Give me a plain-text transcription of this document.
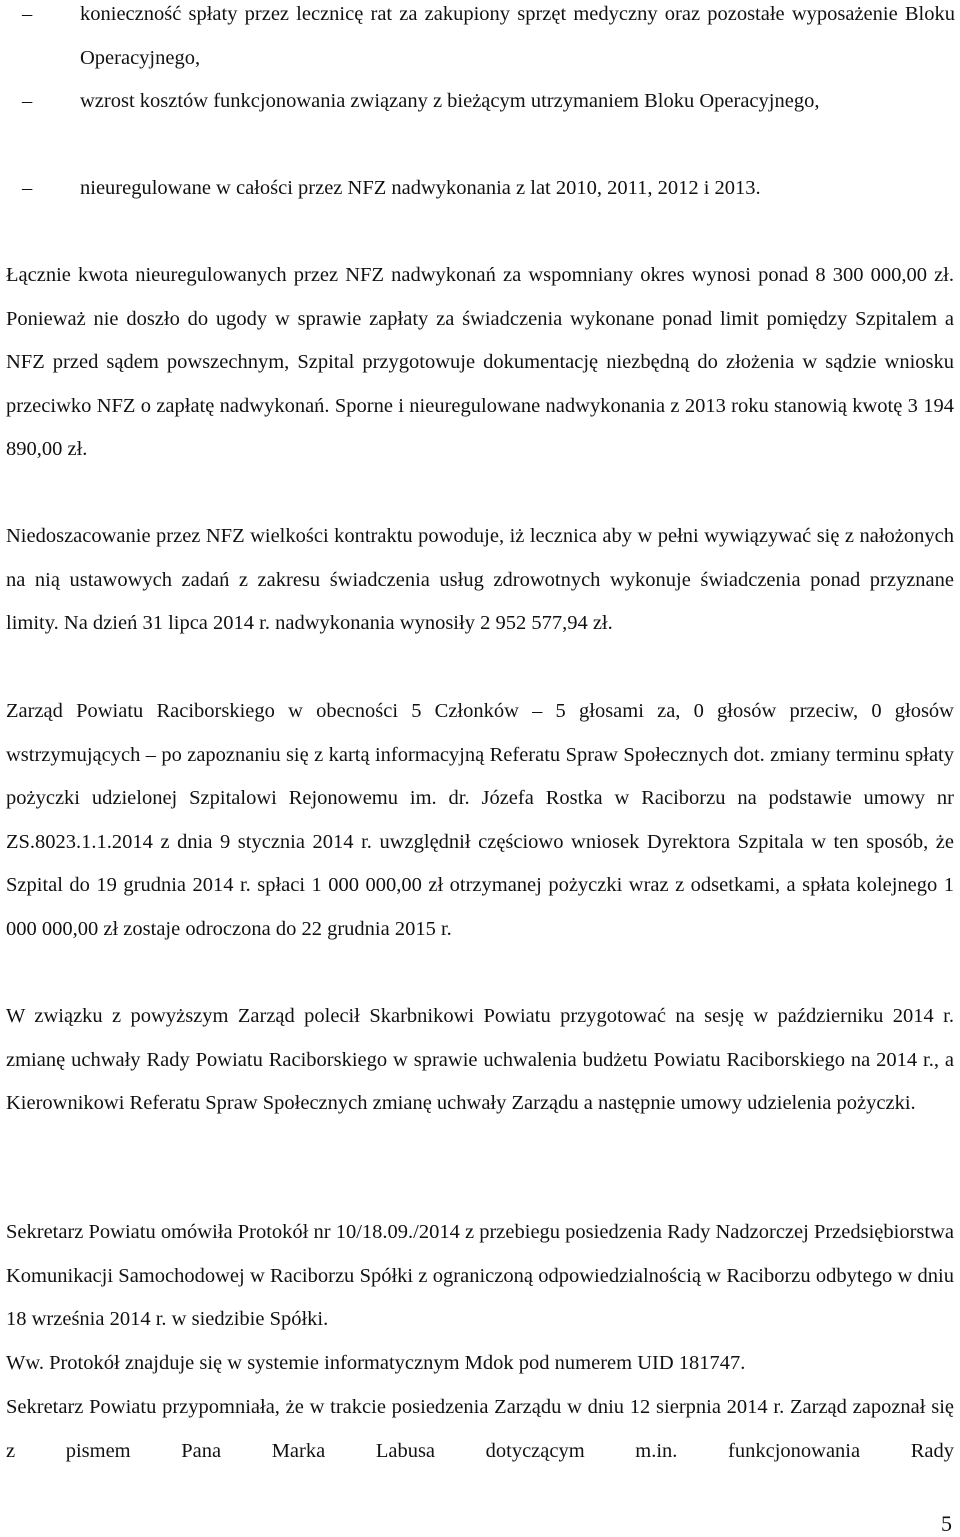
– konieczność spłaty przez lecznicę rat za zakupiony sprzęt medyczny oraz pozostałe wyposażenie Bloku Operacyjnego,
– wzrost kosztów funkcjonowania związany z bieżącym utrzymaniem Bloku Operacyjnego,
– nieuregulowane w całości przez NFZ nadwykonania z lat 2010, 2011, 2012 i 2013.

Łącznie kwota nieuregulowanych przez NFZ nadwykonań za wspomniany okres wynosi ponad 8 300 000,00 zł. Ponieważ nie doszło do ugody w sprawie zapłaty za świadczenia wykonane ponad limit pomiędzy Szpitalem a NFZ przed sądem powszechnym, Szpital przygotowuje dokumentację niezbędną do złożenia w sądzie wniosku przeciwko NFZ o zapłatę nadwykonań. Sporne i nieuregulowane nadwykonania z 2013 roku stanowią kwotę 3 194 890,00 zł.

Niedoszacowanie przez NFZ wielkości kontraktu powoduje, iż lecznica aby w pełni wywiązywać się z nałożonych na nią ustawowych zadań z zakresu świadczenia usług zdrowotnych wykonuje świadczenia ponad przyznane limity. Na dzień 31 lipca 2014 r. nadwykonania wynosiły 2 952 577,94 zł.

Zarząd Powiatu Raciborskiego w obecności 5 Członków – 5 głosami za, 0 głosów przeciw, 0 głosów wstrzymujących – po zapoznaniu się z kartą informacyjną Referatu Spraw Społecznych dot. zmiany terminu spłaty pożyczki udzielonej Szpitalowi Rejonowemu im. dr. Józefa Rostka w Raciborzu na podstawie umowy nr ZS.8023.1.1.2014 z dnia 9 stycznia 2014 r. uwzględnił częściowo wniosek Dyrektora Szpitala w ten sposób, że Szpital do 19 grudnia 2014 r. spłaci 1 000 000,00 zł otrzymanej pożyczki wraz z odsetkami, a spłata kolejnego 1 000 000,00 zł zostaje odroczona do 22 grudnia 2015 r.

W związku z powyższym Zarząd polecił Skarbnikowi Powiatu przygotować na sesję w październiku 2014 r. zmianę uchwały Rady Powiatu Raciborskiego w sprawie uchwalenia budżetu Powiatu Raciborskiego na 2014 r., a Kierownikowi Referatu Spraw Społecznych zmianę uchwały Zarządu a następnie umowy udzielenia pożyczki.

Sekretarz Powiatu omówiła Protokół nr 10/18.09./2014 z przebiegu posiedzenia Rady Nadzorczej Przedsiębiorstwa Komunikacji Samochodowej w Raciborzu Spółki z ograniczoną odpowiedzialnością w Raciborzu odbytego w dniu 18 września 2014 r. w siedzibie Spółki.

Ww. Protokół znajduje się w systemie informatycznym Mdok pod numerem UID 181747.

Sekretarz Powiatu przypomniała, że w trakcie posiedzenia Zarządu w dniu 12 sierpnia 2014 r. Zarząd zapoznał się z pismem Pana Marka Labusa dotyczącym m.in. funkcjonowania Rady

5
